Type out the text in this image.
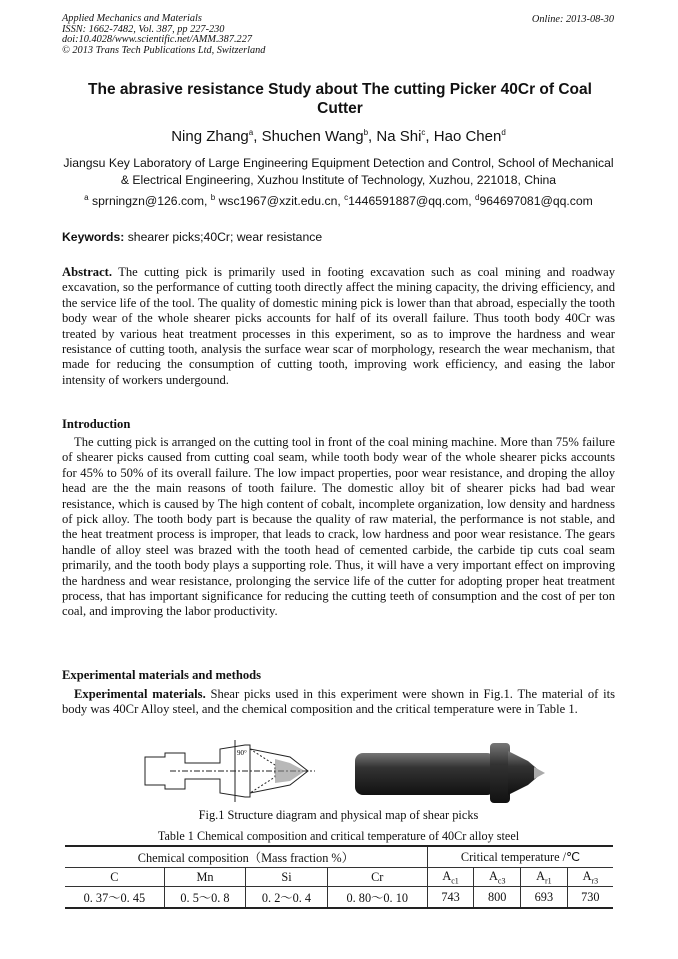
Applied Mechanics and Materials
ISSN: 1662-7482, Vol. 387, pp 227-230
doi:10.4028/www.scientific.net/AMM.387.227
© 2013 Trans Tech Publications Ltd, Switzerland
Online: 2013-08-30
The abrasive resistance Study about The cutting Picker 40Cr of Coal Cutter
Ning Zhang$^a$, Shuchen Wang$^b$, Na Shi$^c$, Hao Chen$^d$
Jiangsu Key Laboratory of Large Engineering Equipment Detection and Control, School of Mechanical & Electrical Engineering, Xuzhou Institute of Technology, Xuzhou, 221018, China
$^a$ sprningzn@126.com, $^b$ wsc1967@xzit.edu.cn, $^c$1446591887@qq.com, $^d$964697081@qq.com
Keywords: shearer picks;40Cr; wear resistance
Abstract. The cutting pick is primarily used in footing excavation such as coal mining and roadway excavation, so the performance of cutting tooth directly affect the mining capacity, the driving efficiency, and the service life of the tool. The quality of domestic mining pick is lower than that abroad, especially the tooth body wear of the whole shearer picks accounts for half of its overall failure. Thus tooth body 40Cr was treated by various heat treatment processes in this experiment, so as to improve the hardness and wear resistance of cutting tooth, analysis the surface wear scar of morphology, research the wear mechanism, that made for reducing the consumption of cutting tooth, improving work efficiency, and easing the labor intensity of workers undergound.
Introduction
The cutting pick is arranged on the cutting tool in front of the coal mining machine. More than 75% failure of shearer picks caused from cutting coal seam, while tooth body wear of the whole shearer picks accounts for 45% to 50% of its overall failure. The low impact properties, poor wear resistance, and droping the alloy head are the the main reasons of tooth failure. The domestic alloy bit of shearer picks had bad wear resistance, which is caused by The high content of cobalt, incomplete organization, low density and hardness of pick alloy. The tooth body part is because the quality of raw material, the performance is not stable, and the heat treatment process is improper, that leads to crack, low hardness and poor wear resistance. The gears handle of alloy steel was brazed with the tooth head of cemented carbide, the carbide tip cuts coal seam primarily, and the tooth body plays a supporting role. Thus, it will have a very important effect on improving the hardness and wear resistance, prolonging the service life of the cutter for adopting proper heat treatment process, that has important significance for reducing the cutting teeth of consumption and the cost of per ton coal, and improving the labor productivity.
Experimental materials and methods
Experimental materials. Shear picks used in this experiment were shown in Fig.1. The material of its body was 40Cr Alloy steel, and the chemical composition and the critical temperature were in Table 1.
90°
Fig.1 Structure diagram and physical map of shear picks
Table 1 Chemical composition and critical temperature of 40Cr alloy steel
Chemical composition（Mass fraction %）				Critical temperature /℃			
C	Mn	Si	Cr	$A_{c1}$	$A_{c3}$	$A_{r1}$	$A_{r3}$
0. 37～0. 45	0. 5～0. 8	0. 2～0. 4	0. 80～0. 10	743	800	693	730
